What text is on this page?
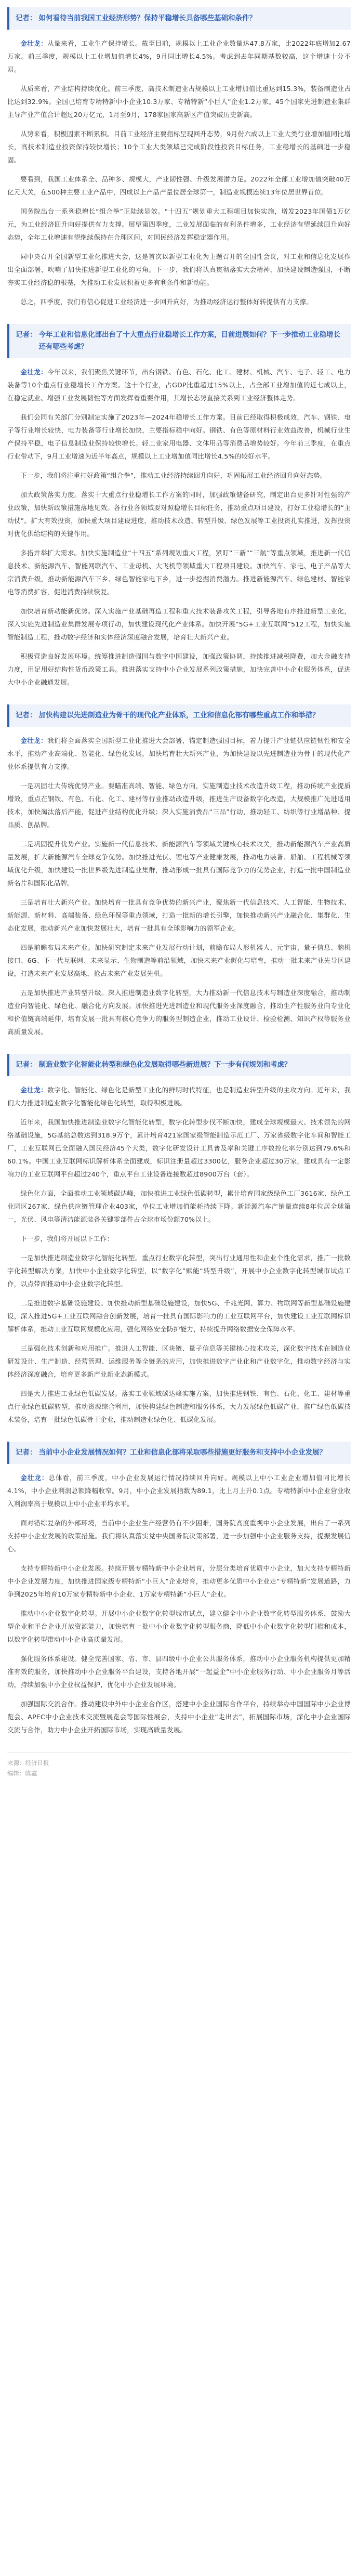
记者： 如何看待当前我国工业经济形势？保持平稳增长具备哪些基础和条件？

金壮龙：从量来看，工业生产保持增长。截至目前，规模以上工业企业数量达47.8万家，比2022年底增加2.67万家。前三季度，规模以上工业增加值增长4%，9月同比增长4.5%。考虑到去年同期基数较高，这个增速十分不易。

从质来看，产业结构持续优化。前三季度，高技术制造业占规模以上工业增加值比重达到15.3%，装备制造业占比达到32.9%。全国已培育专精特新中小企业10.3万家、专精特新“小巨人”企业1.2万家。45个国家先进制造业集群主导产业产值合计超过20万亿元，1月至9月，178家国家高新区产值突破历史新高。

从势来看，积极因素不断累积。目前工业经济主要指标呈现回升态势，9月份六成以上工业大类行业增加值同比增长，高技术制造业投资保持较快增长；10个工业大类领域已完成阶段性投资目标任务，工业稳增长的基础进一步稳固。

要看到，我国工业体系全、品种多、规模大，产业韧性强、升级发展潜力足。2022年全部工业增加值突破40万亿元大关，在500种主要工业产品中，四成以上产品产量位居全球第一，制造业规模连续13年位居世界首位。

国务院出台一系列稳增长“组合拳”正陆续显效。“十四五”规划重大工程项目加快实施，增发2023年国债1万亿元，为工业经济回升向好提供有力支撑。展望第四季度，工业发展面临的有利条件增多，工业经济有望延续回升向好态势，全年工业增速有望继续保持在合理区间，对国民经济发挥稳定器作用。

同中央召开全国新型工业化推进大会，这是首次以新型工业化为主题召开的全国性会议，对工业和信息化发展作出全面部署，吹响了加快推进新型工业化的号角。下一步，我们将认真贯彻落实大会精神，加快建设制造强国，不断夯实工业经济稳的根基，为推动工业发展积蓄更多有利条件和新动能。

总之，四季度，我们有信心促进工业经济进一步回升向好，为推动经济运行整体好转提供有力支撑。

记者： 今年工业和信息化部出台了十大重点行业稳增长工作方案，目前进展如何？下一步推动工业稳增长还有哪些考虑？

金壮龙：今年以来，我们聚焦关键环节，出台钢铁、有色、石化、化工、建材、机械、汽车、电子、轻工、电力装备等10个重点行业稳增长工作方案。这十个行业，占GDP比重超过15%以上，占全部工业增加值的近七成以上，在稳定就业、增强工业发展韧性等方面发挥着重要作用，其增长态势直接关系到工业经济整体走势。

我们会同有关部门分别制定实施了2023年—2024年稳增长工作方案。目前已经取得积极成效，汽车、钢铁、电子等行业增长较快，电力装备等行业增长加快，主要指标稳中向好。钢铁、有色等原材料行业效益改善，机械行业生产保持平稳，电子信息制造业保持较快增长。轻工业家用电器、文体用品等消费品增势较好。今年前三季度，在重点行业带动下，9月工业增速为近半年高点，规模以上工业增加值同比增长4.5%的较好水平。

下一步，我们将注重打好政策“组合拳”，推动工业经济持续回升向好，巩固拓展工业经济回升向好态势。

加大政策落实力度。落实十大重点行业稳增长工作方案的同时，加强政策储备研究，制定出台更多针对性强的产业政策，加快新政策措施落地见效。各行业各领域要对照稳增长目标任务，推动重点项目建设，打好工业稳增长的“主动仗”。扩大有效投资，加快重大项目建设进度，推动技术改造、转型升级、绿色发展等工业投资扎实推进，发挥投资对优化供给结构的关键作用。

多措并举扩大需求。加快实施制造业“十四五”系列规划重大工程，紧盯“三新”“三航”等重点领域，推进新一代信息技术、新能源汽车、智能网联汽车、工业母机、大飞机等领域重大工程项目建设。加快汽车、家电、电子产品等大宗消费升级，推动新能源汽车下乡、绿色智能家电下乡，进一步挖掘消费潜力。推进新能源汽车、绿色建材、智能家电等消费扩容，促进消费持续恢复。

加快培育新动能新优势。深入实施产业基础再造工程和重大技术装备攻关工程，引导各地有序推进新型工业化，深入实施先进制造业集群发展专项行动，加快建设现代化产业体系。加快开展“5G+工业互联网”512工程，加快实施智能制造工程，推动数字经济和实体经济深度融合发展，培育壮大新兴产业。

积极营造良好发展环境。统筹推进制造强国与数字中国建设，加强政策协调，持续推进减税降费，加大金融支持力度，用足用好结构性货币政策工具。推进落实支持中小企业发展系列政策措施，加快完善中小企业服务体系，促进大中小企业融通发展。

记者： 加快构建以先进制造业为骨干的现代化产业体系，工业和信息化部有哪些重点工作和举措？

金壮龙：我们将全面落实全国新型工业化推进大会部署，锚定制造强国目标，着力提升产业链供应链韧性和安全水平，推动产业高端化、智能化、绿色化发展，加快培育壮大新兴产业，为加快建设以先进制造业为骨干的现代化产业体系提供有力支撑。

一是巩固壮大传统优势产业。要瞄准高端、智能、绿色方向，实施制造业技术改造升级工程，推动传统产业提质增效，重点在钢铁、有色、石化、化工、建材等行业推动改造升级，推进生产设备数字化改造，大规模推广先进适用技术，加快淘汰落后产能，促进产业结构优化升级；深入实施消费品“三品”行动，推动轻工、纺织等行业增品种、提品质、创品牌。

二是巩固提升优势产业。实施新一代信息技术、新能源汽车等领域关键核心技术攻关，推动新能源汽车产业高质量发展，扩大新能源汽车全球竞争优势。加快推进光伏、锂电等产业健康发展，推动电力装备、船舶、工程机械等领域优化升级，加快建设一批世界级先进制造业集群，推动形成一批具有国际竞争力的优势企业，打造一批中国制造业新名片和国际化品牌。

三是培育壮大新兴产业。加快培育一批具有竞争优势的新兴产业，聚焦新一代信息技术、人工智能、生物技术、新能源、新材料、高端装备、绿色环保等重点领域，打造一批新的增长引擎，加快推动新兴产业融合化、集群化、生态化发展，推动新兴产业加快发展壮大，培育一批具有全球影响力的领军企业。

四是前瞻布局未来产业。加快研究制定未来产业发展行动计划，前瞻布局人形机器人、元宇宙、量子信息、脑机接口、6G、下一代互联网、未来显示、生物制造等前沿领域，加快未来产业孵化与培育，推动一批未来产业先导区建设，打造未来产业发展高地，抢占未来产业发展先机。

五是加快推进产业转型升级。深入推进制造业数字化转型，大力推动新一代信息技术与制造业深度融合，推动制造业向智能化、绿色化、融合化方向发展。加快推进先进制造业和现代服务业深度融合，推动生产性服务业向专业化和价值链高端延伸，培育发展一批具有核心竞争力的服务型制造企业，推动工业设计、检验检测、知识产权等服务业高质量发展。

记者： 制造业数字化智能化转型和绿色化发展取得哪些新进展？下一步有何规划和考虑？

金壮龙：数字化、智能化、绿色化是新型工业化的鲜明时代特征，也是制造业转型升级的主攻方向。近年来，我们大力推进制造业数字化智能化绿色化转型，取得积极进展。

近年来，我国加快推进制造业数字化智能化转型，数字化转型步伐不断加快，建成全球规模最大、技术领先的网络基础设施，5G基站总数达到318.9万个，累计培育421家国家级智能制造示范工厂、万家省级数字化车间和智能工厂，工业互联网已全面融入国民经济45个大类，数字化研发设计工具普及率和关键工序数控化率分别达到79.6%和60.1%。中国工业互联网标识解析体系全面建成，标识注册量超过3300亿，服务企业超过30万家，建成具有一定影响力的工业互联网平台超过240个，重点平台工业设备连接数超过8900万台（套）。

绿色化方面，全面推动工业领域碳达峰，加快推进工业绿色低碳转型，累计培育国家级绿色工厂3616家、绿色工业园区267家、绿色供应链管理企业403家，单位工业增加值能耗持续下降。新能源汽车产销量连续8年位居全球第一，光伏、风电等清洁能源装备关键零部件占全球市场份额70%以上。

下一步，我们将开展以下工作：

一是加快推进制造业数字化智能化转型。重点行业数字化转型，突出行业通用性和企业个性化需求，推广一批数字化转型解决方案，加快中小企业数字化转型，以“数字化”赋能“转型升级”，开展中小企业数字化转型城市试点工作，以点带面推动中小企业数字化转型。

二是推进数字基础设施建设。加快推动新型基础设施建设，加快5G、千兆光网、算力、物联网等新型基础设施建设，深入推进5G+工业互联网融合创新发展，培育一批具有国际影响力的工业互联网平台，加快建设工业互联网标识解析体系，推动工业互联网规模化应用，强化网络安全防护能力，持续提升网络数据安全保障水平。

三是强化技术创新和应用推广。推进人工智能、区块链、量子信息等关键核心技术攻关，深化数字技术在制造业研发设计、生产制造、经营管理、运维服务等全链条的应用，加快推进数字产业化和产业数字化，推动数字经济与实体经济深度融合，培育更多新产业新业态新模式。

四是大力推进工业绿色低碳发展。落实工业领域碳达峰实施方案，加快推进钢铁、有色、石化、化工、建材等重点行业绿色低碳转型，推动资源综合利用，加快构建绿色制造和服务体系，大力发展绿色低碳产业，推广绿色低碳技术装备，培育一批绿色低碳骨干企业，推动制造业绿色化、低碳化发展。

记者： 当前中小企业发展情况如何？工业和信息化部将采取哪些措施更好服务和支持中小企业发展？

金壮龙：总体看，前三季度，中小企业发展运行情况持续回升向好。规模以上中小工业企业增加值同比增长4.1%，中小企业利润总额降幅收窄。9月，中小企业发展指数为89.1，比上月上升0.1点。专精特新中小企业营业收入利润率高于规模以上中小企业平均水平。

面对错综复杂的外部环境，当前中小企业生产经营仍有不少困难，国务院高度重视中小企业发展，出台了一系列支持中小企业发展的政策措施。我们将认真落实党中央国务院决策部署，进一步加强中小企业服务支持，提振发展信心。

支持专精特新中小企业发展。持续开展专精特新中小企业培育，分层分类培育优质中小企业，加大支持专精特新中小企业发展力度，加快推进国家级专精特新“小巨人”企业培育，推动更多优质中小企业走“专精特新”发展道路，力争到2025年培育10万家专精特新中小企业、1万家专精特新“小巨人”企业。

推动中小企业数字化转型。开展中小企业数字化转型城市试点，建立健全中小企业数字化转型服务体系，鼓励大型企业和平台企业开放资源能力，加快培育一批中小企业数字化转型服务商，降低中小企业数字化转型门槛和成本，以数字化转型带动中小企业高质量发展。

强化服务体系建设。健全完善国家、省、市、县四级中小企业公共服务体系，推动中小企业服务机构提供更加精准有效的服务，加快推动中小企业服务平台建设，支持各地开展“一起益企”中小企业服务行动、中小企业服务月等活动，持续加强中小企业权益保护，优化中小企业发展环境。

加强国际交流合作。推动建设中外中小企业合作区，搭建中小企业国际合作平台，持续举办中国国际中小企业博览会、APEC中小企业技术交流暨展览会等国际性展会，支持中小企业“走出去”，拓展国际市场，深化中小企业国际交流与合作，助力中小企业开拓国际市场，实现高质量发展。

来源：经济日报
编辑：陈鑫
